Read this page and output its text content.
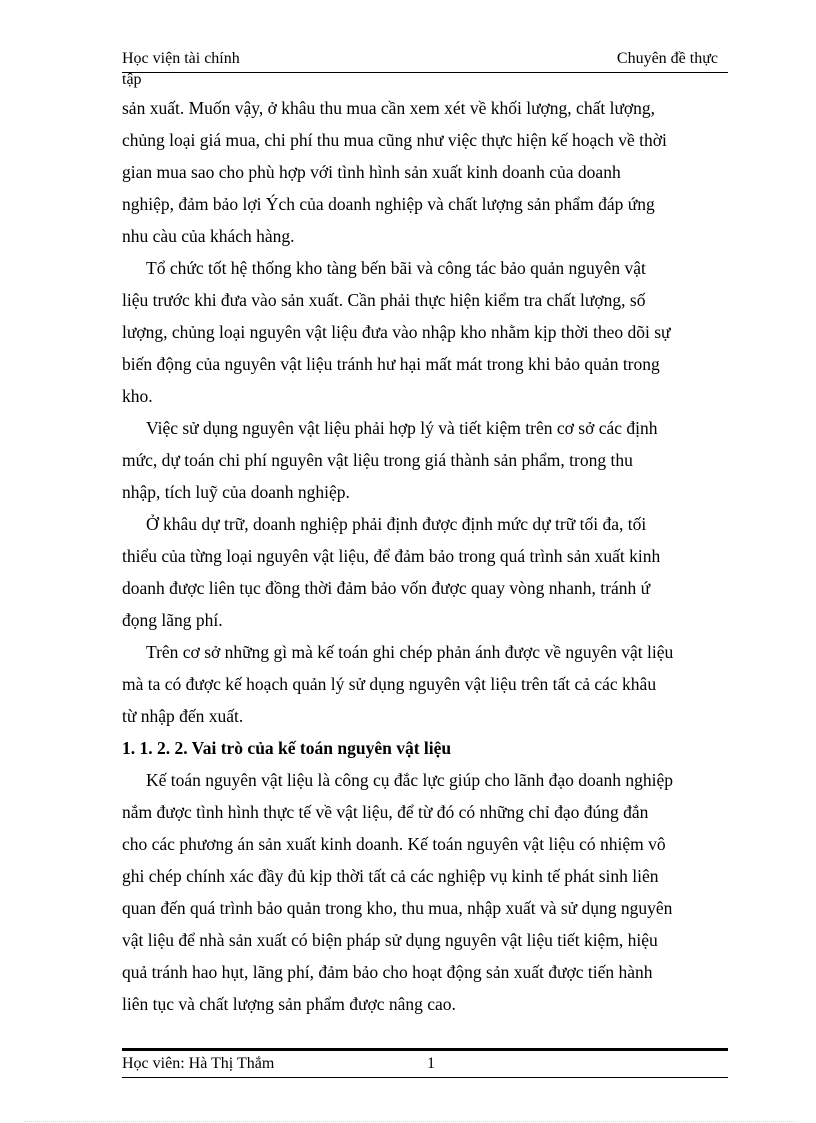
Học viện tài chính	Chuyên đề thực
tập

sản xuất. Muốn vậy, ở khâu thu mua cần xem xét về khối lượng, chất lượng,
chủng loại giá mua, chi phí thu mua cũng như việc thực hiện kế hoạch về thời
gian mua sao cho phù hợp với tình hình sản xuất kinh doanh của doanh
nghiệp, đảm bảo lợi Ých của doanh nghiệp và chất lượng sản phẩm đáp ứng
nhu càu của khách hàng.

Tổ chức tốt hệ thống kho tàng bến bãi và công tác bảo quản nguyên vật
liệu trước khi đưa vào sản xuất. Cần phải thực hiện kiểm tra chất lượng, số
lượng, chủng loại nguyên vật liệu đưa vào nhập kho nhằm kịp thời theo dõi sự
biến động của nguyên vật liệu tránh hư hại mất mát trong khi bảo quản trong
kho.

Việc sử dụng nguyên vật liệu phải hợp lý và tiết kiệm trên cơ sở các định
mức, dự toán chi phí nguyên vật liệu trong giá thành sản phẩm, trong thu
nhập, tích luỹ của doanh nghiệp.

Ở khâu dự trữ, doanh nghiệp phải định được định mức dự trữ tối đa, tối
thiểu của từng loại nguyên vật liệu, để đảm bảo trong quá trình sản xuất kinh
doanh được liên tục đồng thời đảm bảo vốn được quay vòng nhanh, tránh ứ
đọng lãng phí.

Trên cơ sở những gì mà kế toán ghi chép phản ánh được về nguyên vật liệu
mà ta có được kế hoạch quản lý sử dụng nguyên vật liệu trên tất cả các khâu
từ nhập đến xuất.

1. 1. 2. 2. Vai trò của kế toán nguyên vật liệu

Kế toán nguyên vật liệu là công cụ đắc lực giúp cho lãnh đạo doanh nghiệp
nắm được tình hình thực tế về vật liệu, để từ đó có những chỉ đạo đúng đắn
cho các phương án sản xuất kinh doanh. Kế toán nguyên vật liệu có nhiệm vô
ghi chép chính xác đầy đủ kịp thời tất cả các nghiệp vụ kinh tế phát sinh liên
quan đến quá trình bảo quản trong kho, thu mua, nhập xuất và sử dụng nguyên
vật liệu để nhà sản xuất có biện pháp sử dụng nguyên vật liệu tiết kiệm, hiệu
quả tránh hao hụt, lãng phí, đảm bảo cho hoạt động sản xuất được tiến hành
liên tục và chất lượng sản phẩm được nâng cao.

Học viên: Hà Thị Thắm	1
